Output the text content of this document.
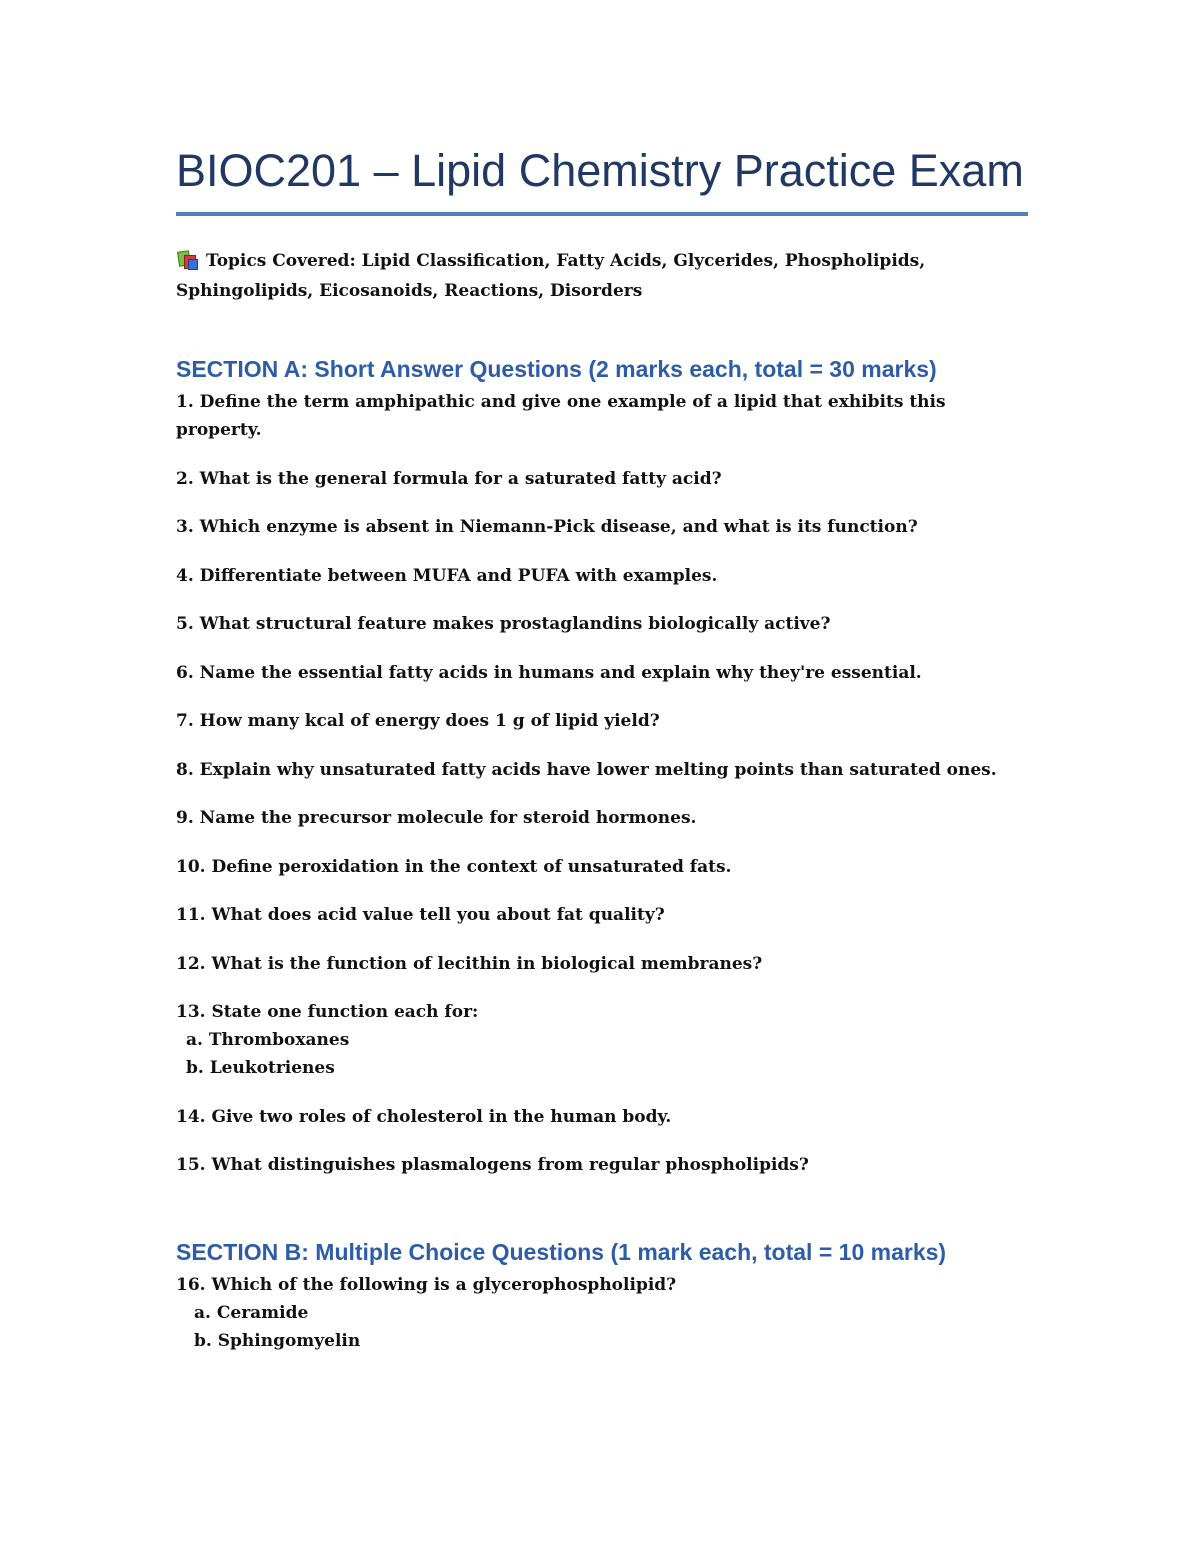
BIOC201 – Lipid Chemistry Practice Exam
Topics Covered: Lipid Classification, Fatty Acids, Glycerides, Phospholipids, Sphingolipids, Eicosanoids, Reactions, Disorders
SECTION A: Short Answer Questions (2 marks each, total = 30 marks)

1. Define the term amphipathic and give one example of a lipid that exhibits this property.

2. What is the general formula for a saturated fatty acid?

3. Which enzyme is absent in Niemann-Pick disease, and what is its function?

4. Differentiate between MUFA and PUFA with examples.

5. What structural feature makes prostaglandins biologically active?

6. Name the essential fatty acids in humans and explain why they're essential.

7. How many kcal of energy does 1 g of lipid yield?

8. Explain why unsaturated fatty acids have lower melting points than saturated ones.

9. Name the precursor molecule for steroid hormones.

10. Define peroxidation in the context of unsaturated fats.

11. What does acid value tell you about fat quality?

12. What is the function of lecithin in biological membranes?

13. State one function each for:

a. Thromboxanes
b. Leukotrienes

14. Give two roles of cholesterol in the human body.

15. What distinguishes plasmalogens from regular phospholipids?

SECTION B: Multiple Choice Questions (1 mark each, total = 10 marks)

16. Which of the following is a glycerophospholipid?

a. Ceramide
b. Sphingomyelin
